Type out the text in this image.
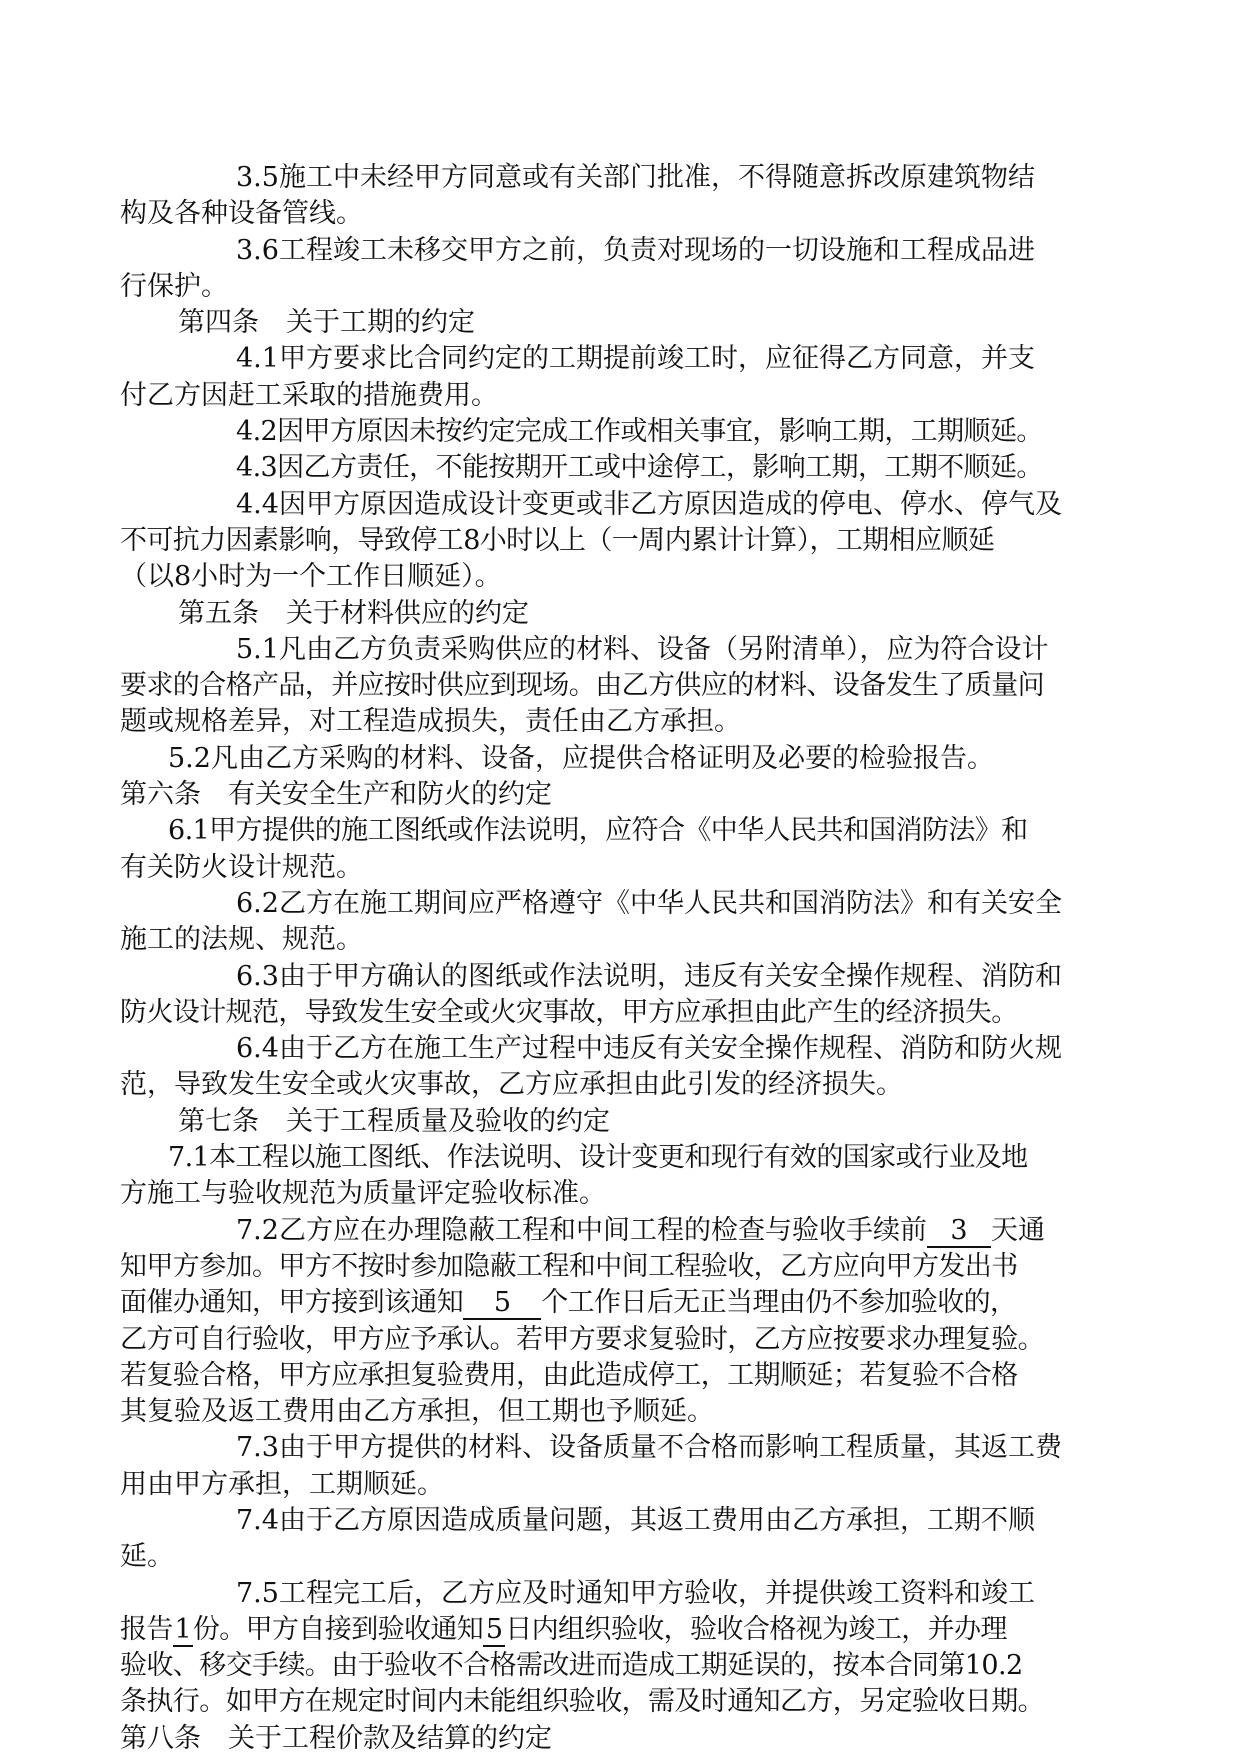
3.5施工中未经甲方同意或有关部门批准，不得随意拆改原建筑物结
构及各种设备管线。
3.6工程竣工未移交甲方之前，负责对现场的一切设施和工程成品进
行保护。
第四条　关于工期的约定
4.1甲方要求比合同约定的工期提前竣工时，应征得乙方同意，并支
付乙方因赶工采取的措施费用。
4.2因甲方原因未按约定完成工作或相关事宜，影响工期，工期顺延。
4.3因乙方责任，不能按期开工或中途停工，影响工期，工期不顺延。
4.4因甲方原因造成设计变更或非乙方原因造成的停电、停水、停气及
不可抗力因素影响，导致停工8小时以上（一周内累计计算），工期相应顺延
（以8小时为一个工作日顺延）。
第五条　关于材料供应的约定
5.1凡由乙方负责采购供应的材料、设备（另附清单），应为符合设计
要求的合格产品，并应按时供应到现场。由乙方供应的材料、设备发生了质量问
题或规格差异，对工程造成损失，责任由乙方承担。
5.2凡由乙方采购的材料、设备，应提供合格证明及必要的检验报告。
第六条　有关安全生产和防火的约定
6.1甲方提供的施工图纸或作法说明，应符合《中华人民共和国消防法》和
有关防火设计规范。
6.2乙方在施工期间应严格遵守《中华人民共和国消防法》和有关安全
施工的法规、规范。
6.3由于甲方确认的图纸或作法说明，违反有关安全操作规程、消防和
防火设计规范，导致发生安全或火灾事故，甲方应承担由此产生的经济损失。
6.4由于乙方在施工生产过程中违反有关安全操作规程、消防和防火规
范，导致发生安全或火灾事故，乙方应承担由此引发的经济损失。
第七条　关于工程质量及验收的约定
7.1本工程以施工图纸、作法说明、设计变更和现行有效的国家或行业及地
方施工与验收规范为质量评定验收标准。
7.2乙方应在办理隐蔽工程和中间工程的检查与验收手续前 3 天通
知甲方参加。甲方不按时参加隐蔽工程和中间工程验收，乙方应向甲方发出书
面催办通知，甲方接到该通知 5 个工作日后无正当理由仍不参加验收的，
乙方可自行验收，甲方应予承认。若甲方要求复验时，乙方应按要求办理复验。
若复验合格，甲方应承担复验费用，由此造成停工，工期顺延；若复验不合格
其复验及返工费用由乙方承担，但工期也予顺延。
7.3由于甲方提供的材料、设备质量不合格而影响工程质量，其返工费
用由甲方承担，工期顺延。
7.4由于乙方原因造成质量问题，其返工费用由乙方承担，工期不顺
延。
7.5工程完工后，乙方应及时通知甲方验收，并提供竣工资料和竣工
报告1份。甲方自接到验收通知 5 日内组织验收，验收合格视为竣工，并办理
验收、移交手续。由于验收不合格需改进而造成工期延误的，按本合同第10.2
条执行。如甲方在规定时间内未能组织验收，需及时通知乙方，另定验收日期。
第八条　关于工程价款及结算的约定
